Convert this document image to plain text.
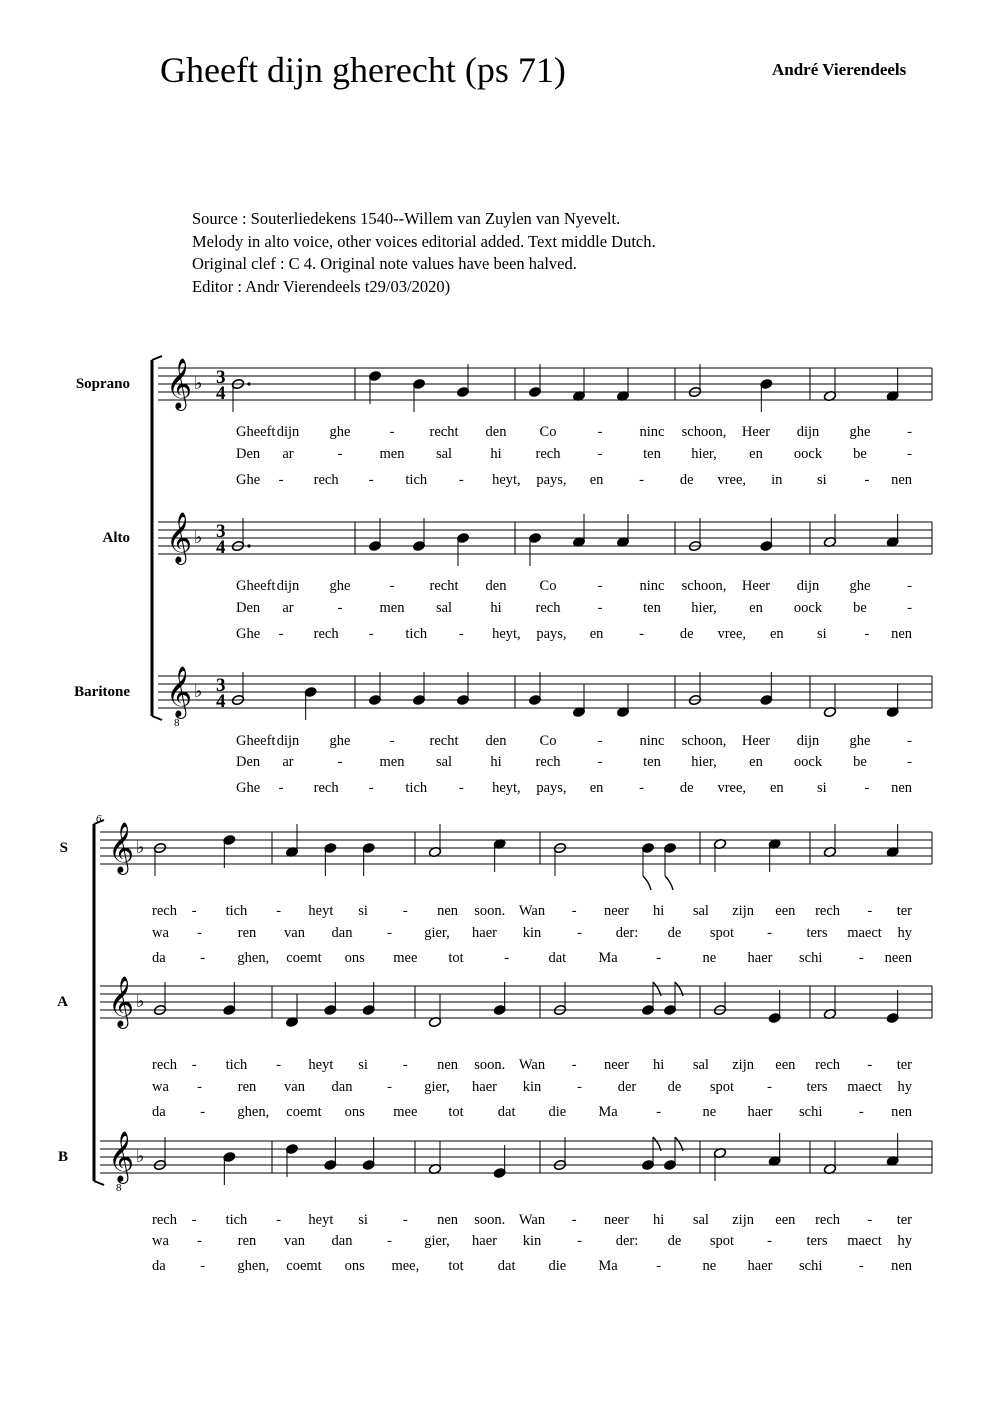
Gheeft dijn gherecht (ps 71)	André Vierendeels
Source : Souterliedekens 1540--Willem van Zuylen van Nyevelt.
Melody in alto voice, other voices editorial added. Text middle Dutch.
Original clef : C 4. Original note values have been halved.
Editor : Andr Vierendeels t29/03/2020)
Soprano 𝄞 ♭ 3
4
Gheeft dijn ghe	- recht den Co	-	ninc schoon, Heer dijn ghe	-
Den ar	-	men sal	hi rech	-	ten hier, en oock be	-
Ghe - rech - tich - heyt, pays, en - de vree, in si	- nen
Alto 𝄞 ♭ 3
4
Gheeft dijn ghe	- recht den Co	-	ninc schoon, Heer dijn ghe	-
Den ar	-	men sal	hi rech	-	ten hier, en oock be	-
Ghe - rech - tich - heyt, pays, en - de vree, en si	- nen
Baritone 𝄞
8
♭ 3
4
Gheeft dijn ghe	- recht den Co	-	ninc schoon, Heer dijn ghe	-
Den ar	-	men sal	hi rech	-	ten hier, en oock be	-
Ghe - rech - tich - heyt, pays, en - de vree, en si	- nen
6
S 𝄞 ♭
rech - tich - heyt si - nen soon. Wan - neer hi sal zijn een rech - ter
wa - ren van dan - gier, haer kin - der: de spot - ters maect hy
da - ghen, coemt ons mee tot	-	dat Ma	-	ne haer schi	- neen
A 𝄞 ♭
rech - tich - heyt si - nen soon. Wan - neer hi sal zijn een rech - ter
wa - ren van dan - gier, haer kin - der de spot - ters maect hy
da - ghen, coemt ons mee tot dat die Ma	-	ne haer schi	- nen
B 𝄞
8
♭
rech - tich - heyt si - nen soon. Wan - neer hi sal zijn een rech - ter
wa - ren van dan - gier, haer kin - der: de spot - ters maect hy
da - ghen, coemt ons mee, tot dat die Ma	-	ne haer schi	- nen
